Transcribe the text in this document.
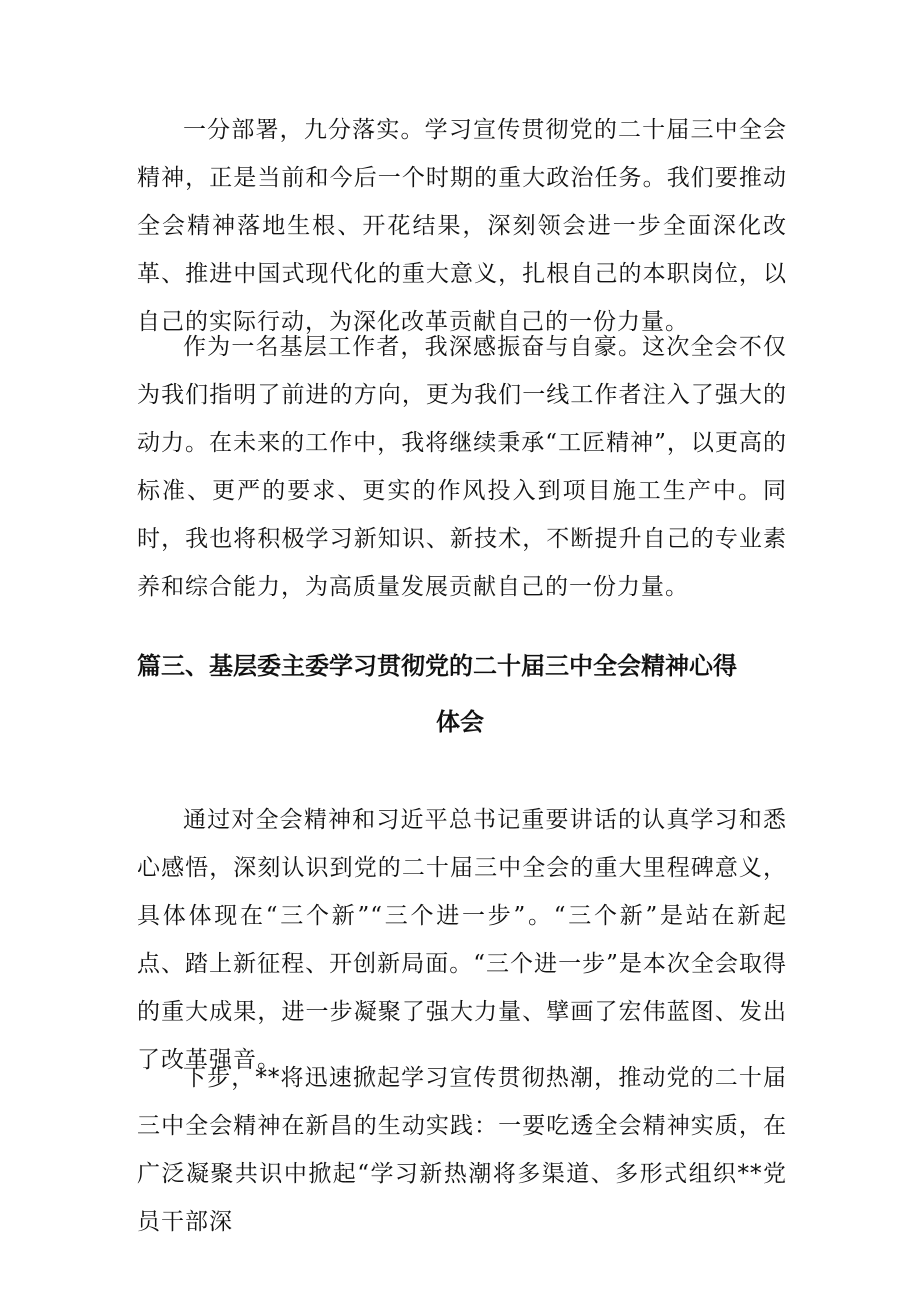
一分部署，九分落实。学习宣传贯彻党的二十届三中全会精神，正是当前和今后一个时期的重大政治任务。我们要推动全会精神落地生根、开花结果，深刻领会进一步全面深化改革、推进中国式现代化的重大意义，扎根自己的本职岗位，以自己的实际行动，为深化改革贡献自己的一份力量。

作为一名基层工作者，我深感振奋与自豪。这次全会不仅为我们指明了前进的方向，更为我们一线工作者注入了强大的动力。在未来的工作中，我将继续秉承“工匠精神”，以更高的标准、更严的要求、更实的作风投入到项目施工生产中。同时，我也将积极学习新知识、新技术，不断提升自己的专业素养和综合能力，为高质量发展贡献自己的一份力量。

篇三、基层委主委学习贯彻党的二十届三中全会精神心得
体会

通过对全会精神和习近平总书记重要讲话的认真学习和悉心感悟，深刻认识到党的二十届三中全会的重大里程碑意义，具体体现在“三个新”“三个进一步”。“三个新”是站在新起点、踏上新征程、开创新局面。“三个进一步”是本次全会取得的重大成果，进一步凝聚了强大力量、擘画了宏伟蓝图、发出了改革强音。

下步，**将迅速掀起学习宣传贯彻热潮，推动党的二十届三中全会精神在新昌的生动实践：一要吃透全会精神实质，在广泛凝聚共识中掀起“学习新热潮将多渠道、多形式组织**党员干部深
